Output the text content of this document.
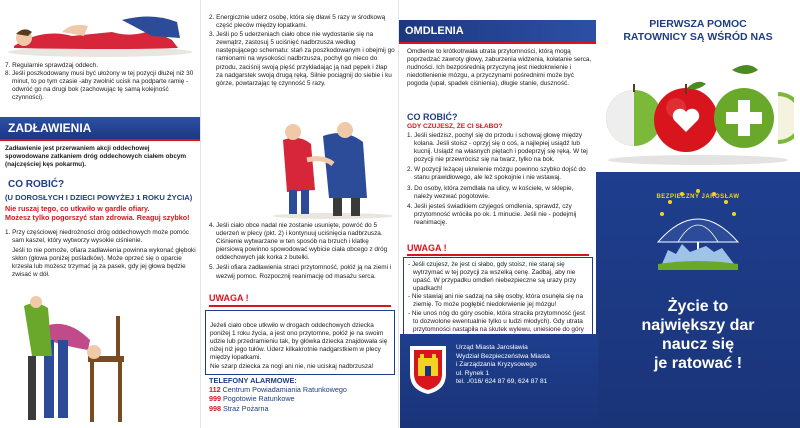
7. Regularnie sprawdzaj oddech.

8. Jeśli poszkodowany musi być ułożony w tej pozycji dłużej niż 30 minut, to po tym czasie -aby zwolnić ucisk na podparte ramię - odwróć go na drugi bok (zachowując tę samą kolejność czynności).

ZADŁAWIENIA

Zadławienie jest przerwaniem akcji oddechowej spowodowane zatkaniem dróg oddechowych ciałem obcym (najczęściej kęs pokarmu).

CO ROBIĆ?

(U DOROSŁYCH I DZIECI POWYŻEJ 1 ROKU ŻYCIA)

Nie ruszaj tego, co utkwiło w gardle ofiary.

Możesz tylko pogorszyć stan zdrowia. Reaguj szybko!

1. Przy częściowej niedrożności dróg oddechowych może pomóc sam kaszel, który wytworzy wysokie ciśnienie.

Jeśli to nie pomoże, ofiara zadławienia powinna wykonać głęboki skłon (głowa poniżej pośladków). Może oprzeć się o oparcie krzesła lub możesz trzymać ją za pasek, gdy jej głowa będzie zwisać w dół.

2. Energicznie uderz osobę, która się dławi 5 razy w środkową część pleców między łopatkami.

3. Jeśli po 5 uderzeniach ciało obce nie wydostanie się na zewnątrz, zastosuj 5 uciśnięć nadbrzusza według następującego schematu: stań za poszkodowanym i obejmij go ramionami na wysokości nadbrzusza, pochyl go nieco do przodu, zaciśnij swoją pięść przykładając ją nad pępek i żłap za nadgarstek swoją drugą ręką. Silnie pociągnij do siebie i ku górze, powtarzając tę czynność 5 razy.

4. Jeśli ciało obce nadal nie zostanie usunięte, powróć do 5 uderzeń w plecy (pkt. 2) i kontynuuj uciśnięcia nadbrzusza. Ciśnienie wytwarzane w ten sposób na brzuch i klatkę piersiową powinno spowodować wybicie ciała obcego z dróg oddechowych jak korka z butelki.

5. Jeśli ofiara zadławienia straci przytomność, połóż ją na ziemi i wezwij pomoc. Rozpocznij reanimację od masażu serca.

UWAGA !

Jeżeli ciało obce utkwiło w drogach oddechowych dziecka poniżej 1 roku życia, a jest ono przytomne, połóż je na swoim udzie lub przedramieniu tak, by główka dziecka znajdowała się niżej niż jego tułów. Uderz kilkakrotnie nadgarstkiem w plecy między łopatkami.
Nie szarp dziecka za nogi ani nie, nie uciskaj nadbrzusza!

TELEFONY ALARMOWE:

112 Centrum Powiadamiania Ratunkowego
999 Pogotowie Ratunkowe
998 Straż Pożarna
OMDLENIA

Omdlenie to krótkotrwała utrata przytomności, którą mogą poprzedzać zawroty głowy, zaburzenia widzenia, kołatanie serca, nudności. Ich bezpośrednią przyczyną jest niedokrwienie i niedotlenienie mózgu, a przyczynami pośrednimi może być pogoda (upał, spadek ciśnienia), długie stanie, duszność.

CO ROBIĆ?

GDY CZUJESZ, ŻE CI SŁABO?

1. Jeśli siedzisz, pochyl się do przodu i schowaj głowę między kolana. Jeśli stoisz - oprzyj się o coś, a najlepiej usiądź lub kucnij. Usiądź na własnych piętach i podeprzyj się ręką. W tej pozycji nie przewrócisz się na twarz, tylko na bok.

2. W pozycji leżącej ukrwienie mózgu powinno szybko dojść do stanu prawidłowego, ale leż spokojnie i nie wstawaj.

3. Do osoby, która zemdlała na ulicy, w kościele, w sklepie, należy wezwać pogotowie.

4. Jeśli jesteś świadkiem czyjegoś omdlenia, sprawdź, czy przytomność wróciła po ok. 1 minucie. Jeśli nie - podejmij reanimację.

UWAGA !

- Jeśli czujesz, że jest ci słabo, gdy stoisz, nie staraj się wytrzymać w tej pozycji za wszelką cenę. Zadbaj, aby nie upaść. W przypadku omdleń niebezpieczne są urazy przy upadkach!

- Nie stawiaj ani nie sadzaj na siłę osoby, która osunęła się na ziemię. To może pogłębić niedokrwienie jej mózgu!

- Nie unoś nóg do góry osobie, która straciła przytomność (jest to dozwolone ewentualnie tylko u ludzi młodych). Gdy utrata przytomności nastąpiła na skutek wylewu, uniesione do góry

PIERWSZA POMOC

RATOWNICY SĄ WŚRÓD NAS

BEZPIECZNY JAROSŁAW

Życie to

największy dar

naucz się

je ratować !

Urząd Miasta Jarosławia

Wydział Bezpieczeństwa Miasta

i Zarządzania Kryzysowego

ul. Rynek 1

tel. ./016/ 624 87 69, 624 87 81
